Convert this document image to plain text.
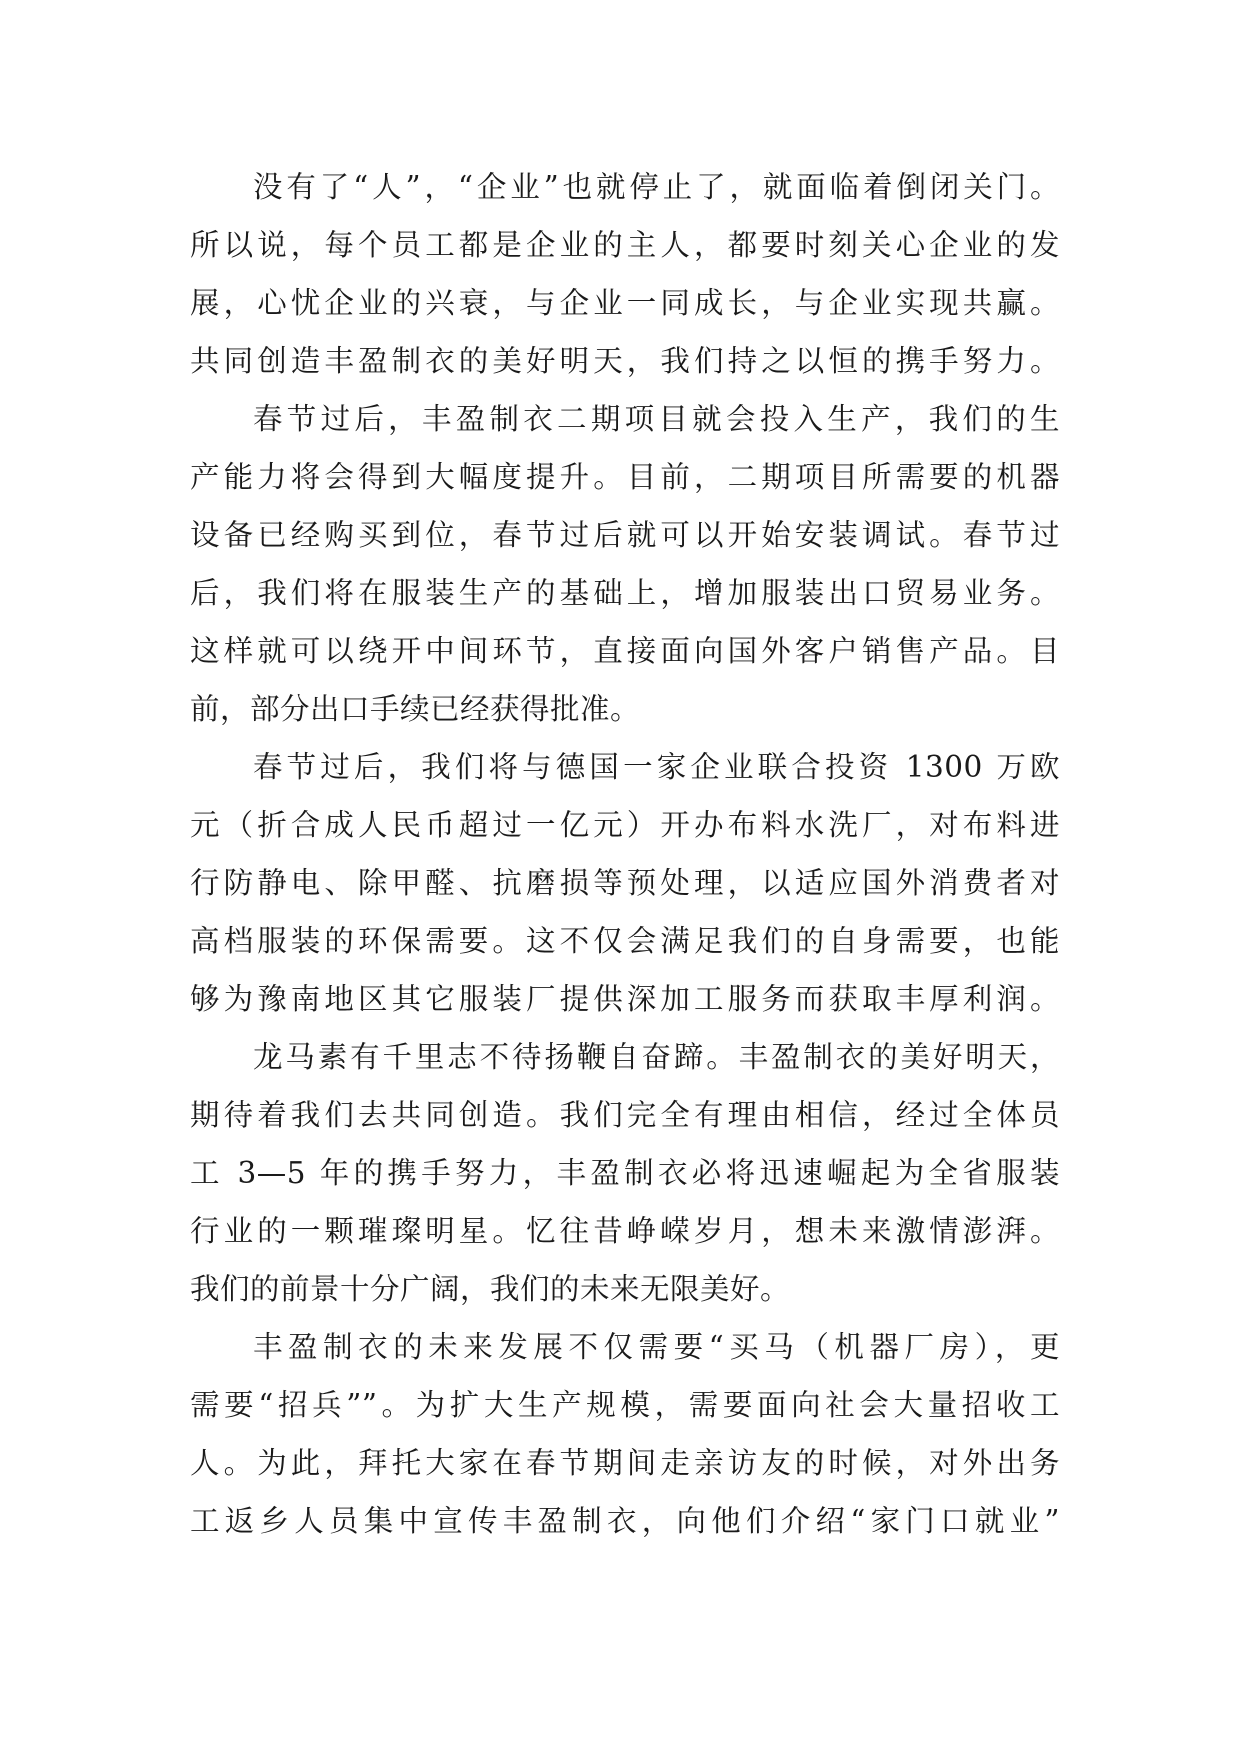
没有了“人”，“企业”也就停止了，就面临着倒闭关门。
所以说，每个员工都是企业的主人，都要时刻关心企业的发
展，心忧企业的兴衰，与企业一同成长，与企业实现共赢。
共同创造丰盈制衣的美好明天，我们持之以恒的携手努力。
春节过后，丰盈制衣二期项目就会投入生产，我们的生
产能力将会得到大幅度提升。目前，二期项目所需要的机器
设备已经购买到位，春节过后就可以开始安装调试。春节过
后，我们将在服装生产的基础上，增加服装出口贸易业务。
这样就可以绕开中间环节，直接面向国外客户销售产品。目
前，部分出口手续已经获得批准。
春节过后，我们将与德国一家企业联合投资 1300 万欧
元（折合成人民币超过一亿元）开办布料水洗厂，对布料进
行防静电、除甲醛、抗磨损等预处理，以适应国外消费者对
高档服装的环保需要。这不仅会满足我们的自身需要，也能
够为豫南地区其它服装厂提供深加工服务而获取丰厚利润。
龙马素有千里志不待扬鞭自奋蹄。丰盈制衣的美好明天，
期待着我们去共同创造。我们完全有理由相信，经过全体员
工 3—5 年的携手努力，丰盈制衣必将迅速崛起为全省服装
行业的一颗璀璨明星。忆往昔峥嵘岁月，想未来激情澎湃。
我们的前景十分广阔，我们的未来无限美好。
丰盈制衣的未来发展不仅需要“买马（机器厂房），更
需要“招兵””。为扩大生产规模，需要面向社会大量招收工
人。为此，拜托大家在春节期间走亲访友的时候，对外出务
工返乡人员集中宣传丰盈制衣，向他们介绍“家门口就业”
